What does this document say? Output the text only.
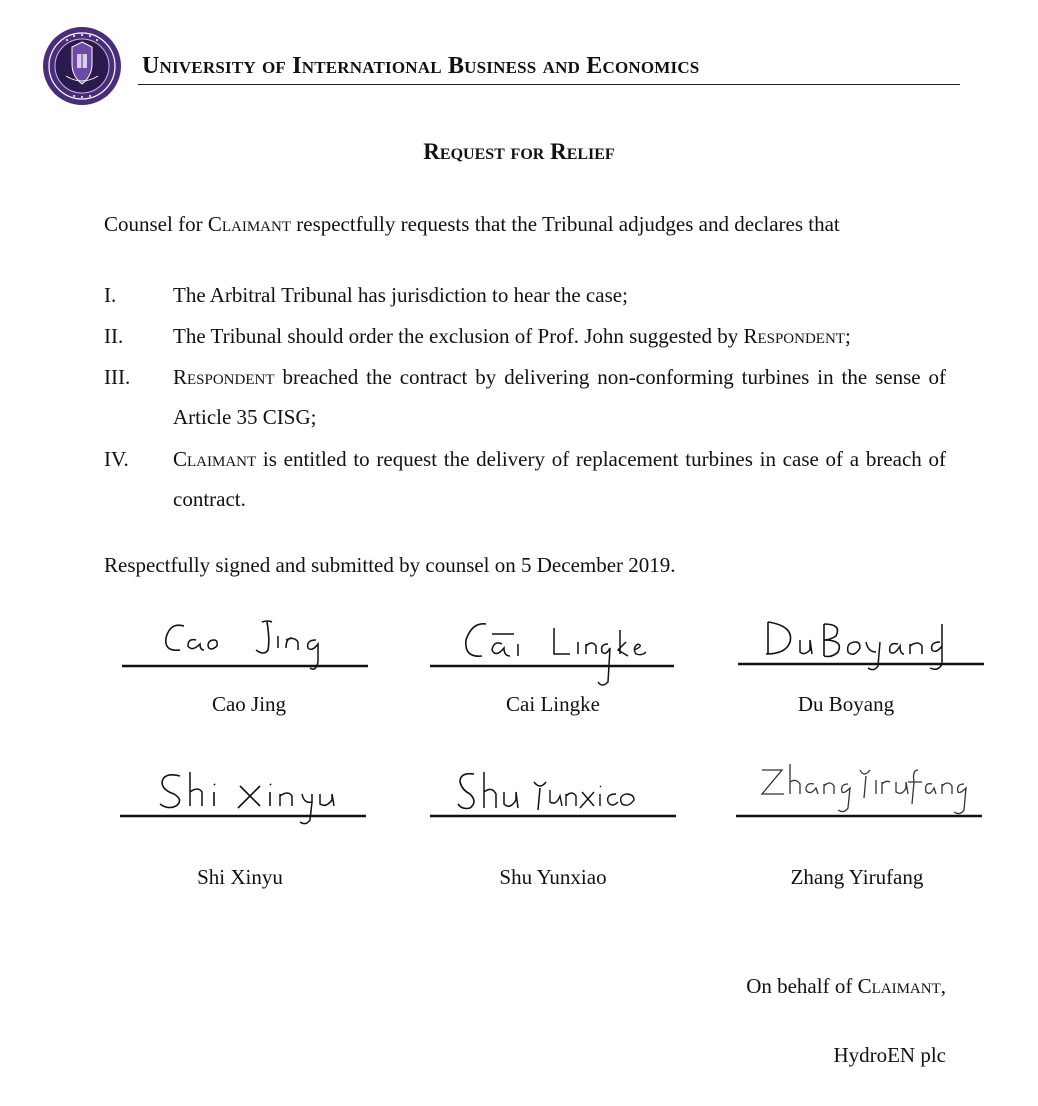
University of International Business and Economics
Request for Relief
Counsel for Claimant respectfully requests that the Tribunal adjudges and declares that
I.	The Arbitral Tribunal has jurisdiction to hear the case;
II. The Tribunal should order the exclusion of Prof. John suggested by Respondent;
III. Respondent breached the contract by delivering non-conforming turbines in the sense of Article 35 CISG;
IV. Claimant is entitled to request the delivery of replacement turbines in case of a breach of contract.
Respectfully signed and submitted by counsel on 5 December 2019.
Cao Jing	Cai Lingke	Du Boyang
Shi Xinyu	Shu Yunxiao	Zhang Yirufang
On behalf of Claimant,
HydroEN plc
